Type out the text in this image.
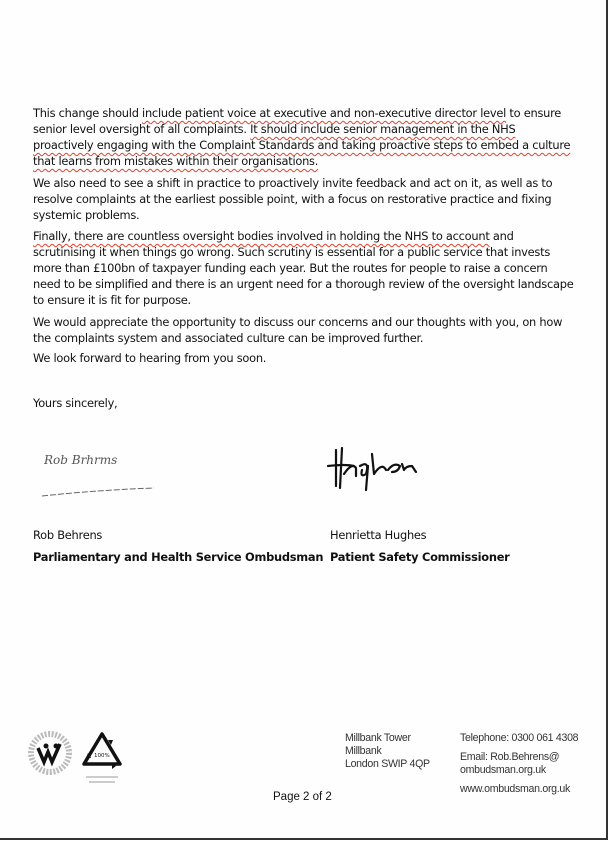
This change should include patient voice at executive and non-executive director level to ensure senior level oversight of all complaints. It should include senior management in the NHS proactively engaging with the Complaint Standards and taking proactive steps to embed a culture that learns from mistakes within their organisations.

We also need to see a shift in practice to proactively invite feedback and act on it, as well as to resolve complaints at the earliest possible point, with a focus on restorative practice and fixing systemic problems.

Finally, there are countless oversight bodies involved in holding the NHS to account and scrutinising it when things go wrong. Such scrutiny is essential for a public service that invests more than £100bn of taxpayer funding each year. But the routes for people to raise a concern need to be simplified and there is an urgent need for a thorough review of the oversight landscape to ensure it is fit for purpose.

We would appreciate the opportunity to discuss our concerns and our thoughts with you, on how the complaints system and associated culture can be improved further.

We look forward to hearing from you soon.

Yours sincerely,
Rob Brhrms
Rob Behrens
Parliamentary and Health Service Ombudsman
Henrietta Hughes
Patient Safety Commissioner
100%
Millbank Tower
Millbank
London SWIP 4QP
Telephone: 0300 061 4308
Email: Rob.Behrens@
ombudsman.org.uk
www.ombudsman.org.uk
Page 2 of 2
